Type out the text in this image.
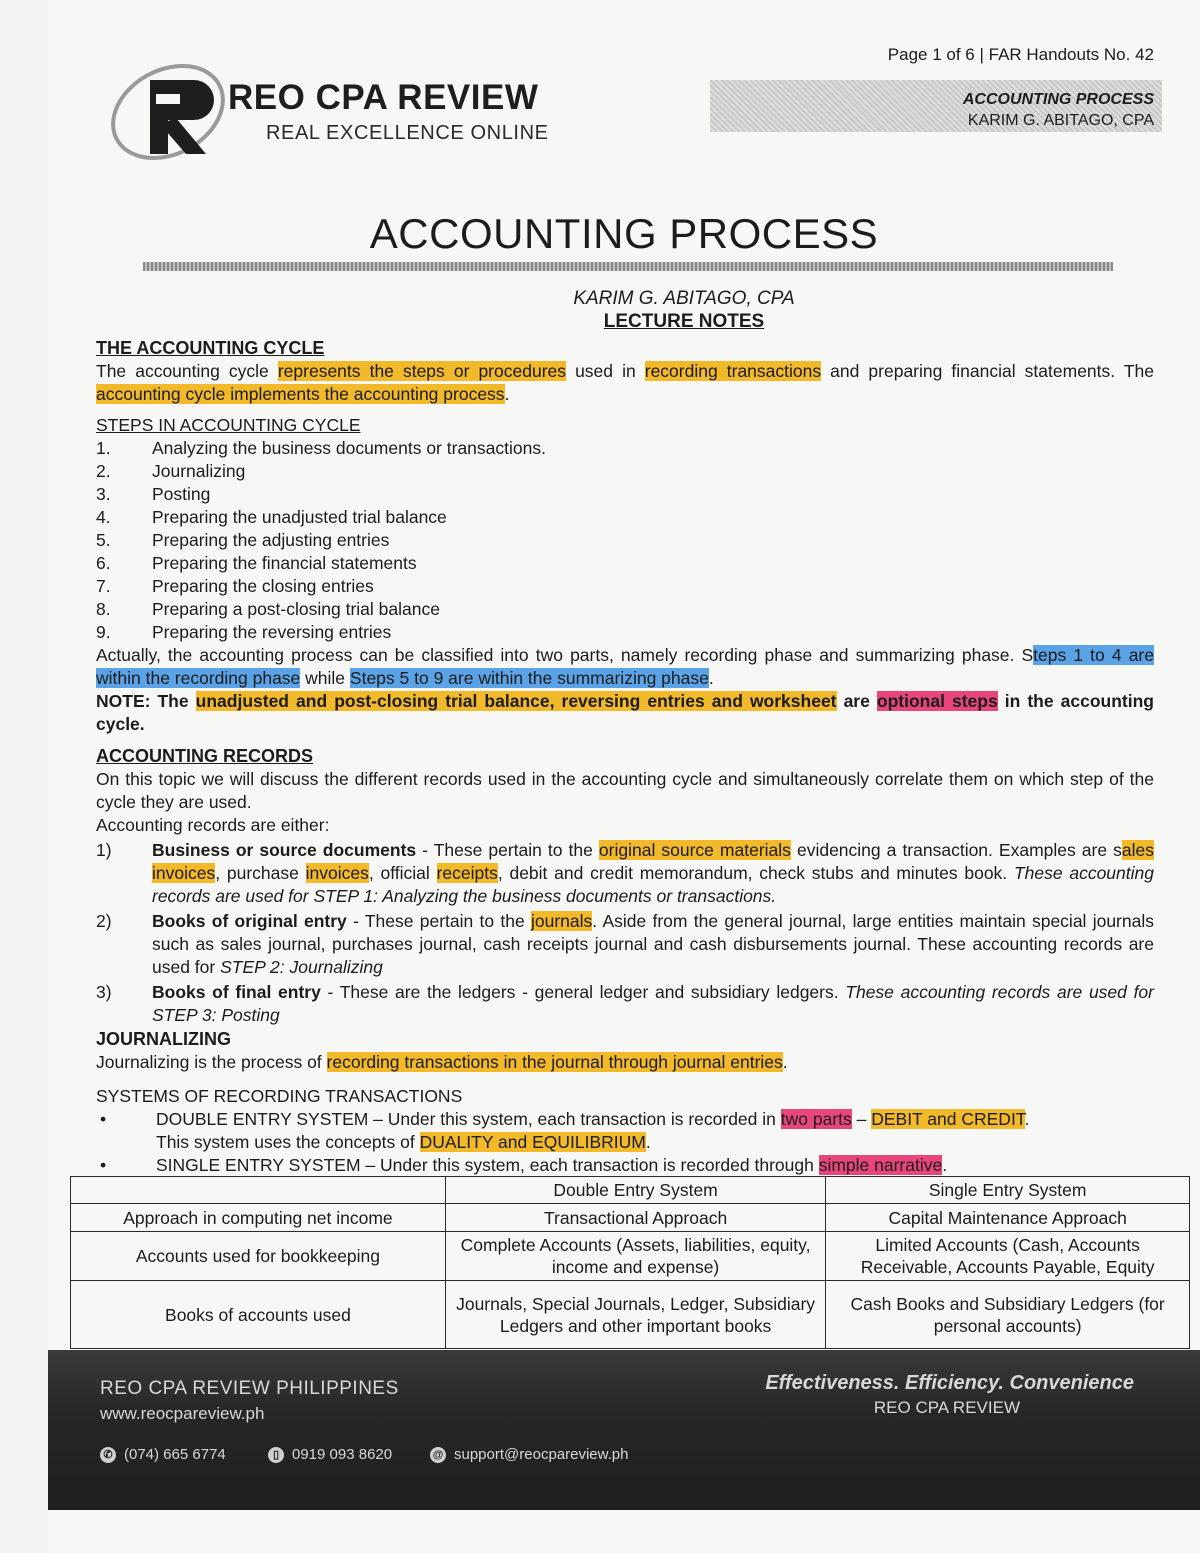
Page 1 of 6 | FAR Handouts No. 42
REO CPA REVIEW
REAL EXCELLENCE ONLINE
ACCOUNTING PROCESS
KARIM G. ABITAGO, CPA
ACCOUNTING PROCESS
KARIM G. ABITAGO, CPA
LECTURE NOTES
THE ACCOUNTING CYCLE
The accounting cycle represents the steps or procedures used in recording transactions and preparing financial statements. The accounting cycle implements the accounting process.
STEPS IN ACCOUNTING CYCLE
1.	Analyzing the business documents or transactions.
2.	Journalizing
3.	Posting
4.	Preparing the unadjusted trial balance
5.	Preparing the adjusting entries
6.	Preparing the financial statements
7.	Preparing the closing entries
8.	Preparing a post-closing trial balance
9.	Preparing the reversing entries
Actually, the accounting process can be classified into two parts, namely recording phase and summarizing phase. Steps 1 to 4 are within the recording phase while Steps 5 to 9 are within the summarizing phase.
NOTE: The unadjusted and post-closing trial balance, reversing entries and worksheet are optional steps in the accounting cycle.
ACCOUNTING RECORDS
On this topic we will discuss the different records used in the accounting cycle and simultaneously correlate them on which step of the cycle they are used.
Accounting records are either:
1)	Business or source documents - These pertain to the original source materials evidencing a transaction. Examples are sales invoices, purchase invoices, official receipts, debit and credit memorandum, check stubs and minutes book. These accounting records are used for STEP 1: Analyzing the business documents or transactions.
2)	Books of original entry - These pertain to the journals. Aside from the general journal, large entities maintain special journals such as sales journal, purchases journal, cash receipts journal and cash disbursements journal. These accounting records are used for STEP 2: Journalizing
3)	Books of final entry - These are the ledgers - general ledger and subsidiary ledgers. These accounting records are used for STEP 3: Posting
JOURNALIZING
Journalizing is the process of recording transactions in the journal through journal entries.
SYSTEMS OF RECORDING TRANSACTIONS
•	DOUBLE ENTRY SYSTEM – Under this system, each transaction is recorded in two parts – DEBIT and CREDIT.
This system uses the concepts of DUALITY and EQUILIBRIUM.
•	SINGLE ENTRY SYSTEM – Under this system, each transaction is recorded through simple narrative.
	Double Entry System	Single Entry System
Approach in computing net income	Transactional Approach	Capital Maintenance Approach
Accounts used for bookkeeping	Complete Accounts (Assets, liabilities, equity, income and expense)	Limited Accounts (Cash, Accounts Receivable, Accounts Payable, Equity
Books of accounts used	Journals, Special Journals, Ledger, Subsidiary Ledgers and other important books	Cash Books and Subsidiary Ledgers (for personal accounts)
REO CPA REVIEW PHILIPPINES
www.reocpareview.ph
Effectiveness. Efficiency. Convenience
REO CPA REVIEW
✆ (074) 665 6774	▯ 0919 093 8620	@ support@reocpareview.ph
